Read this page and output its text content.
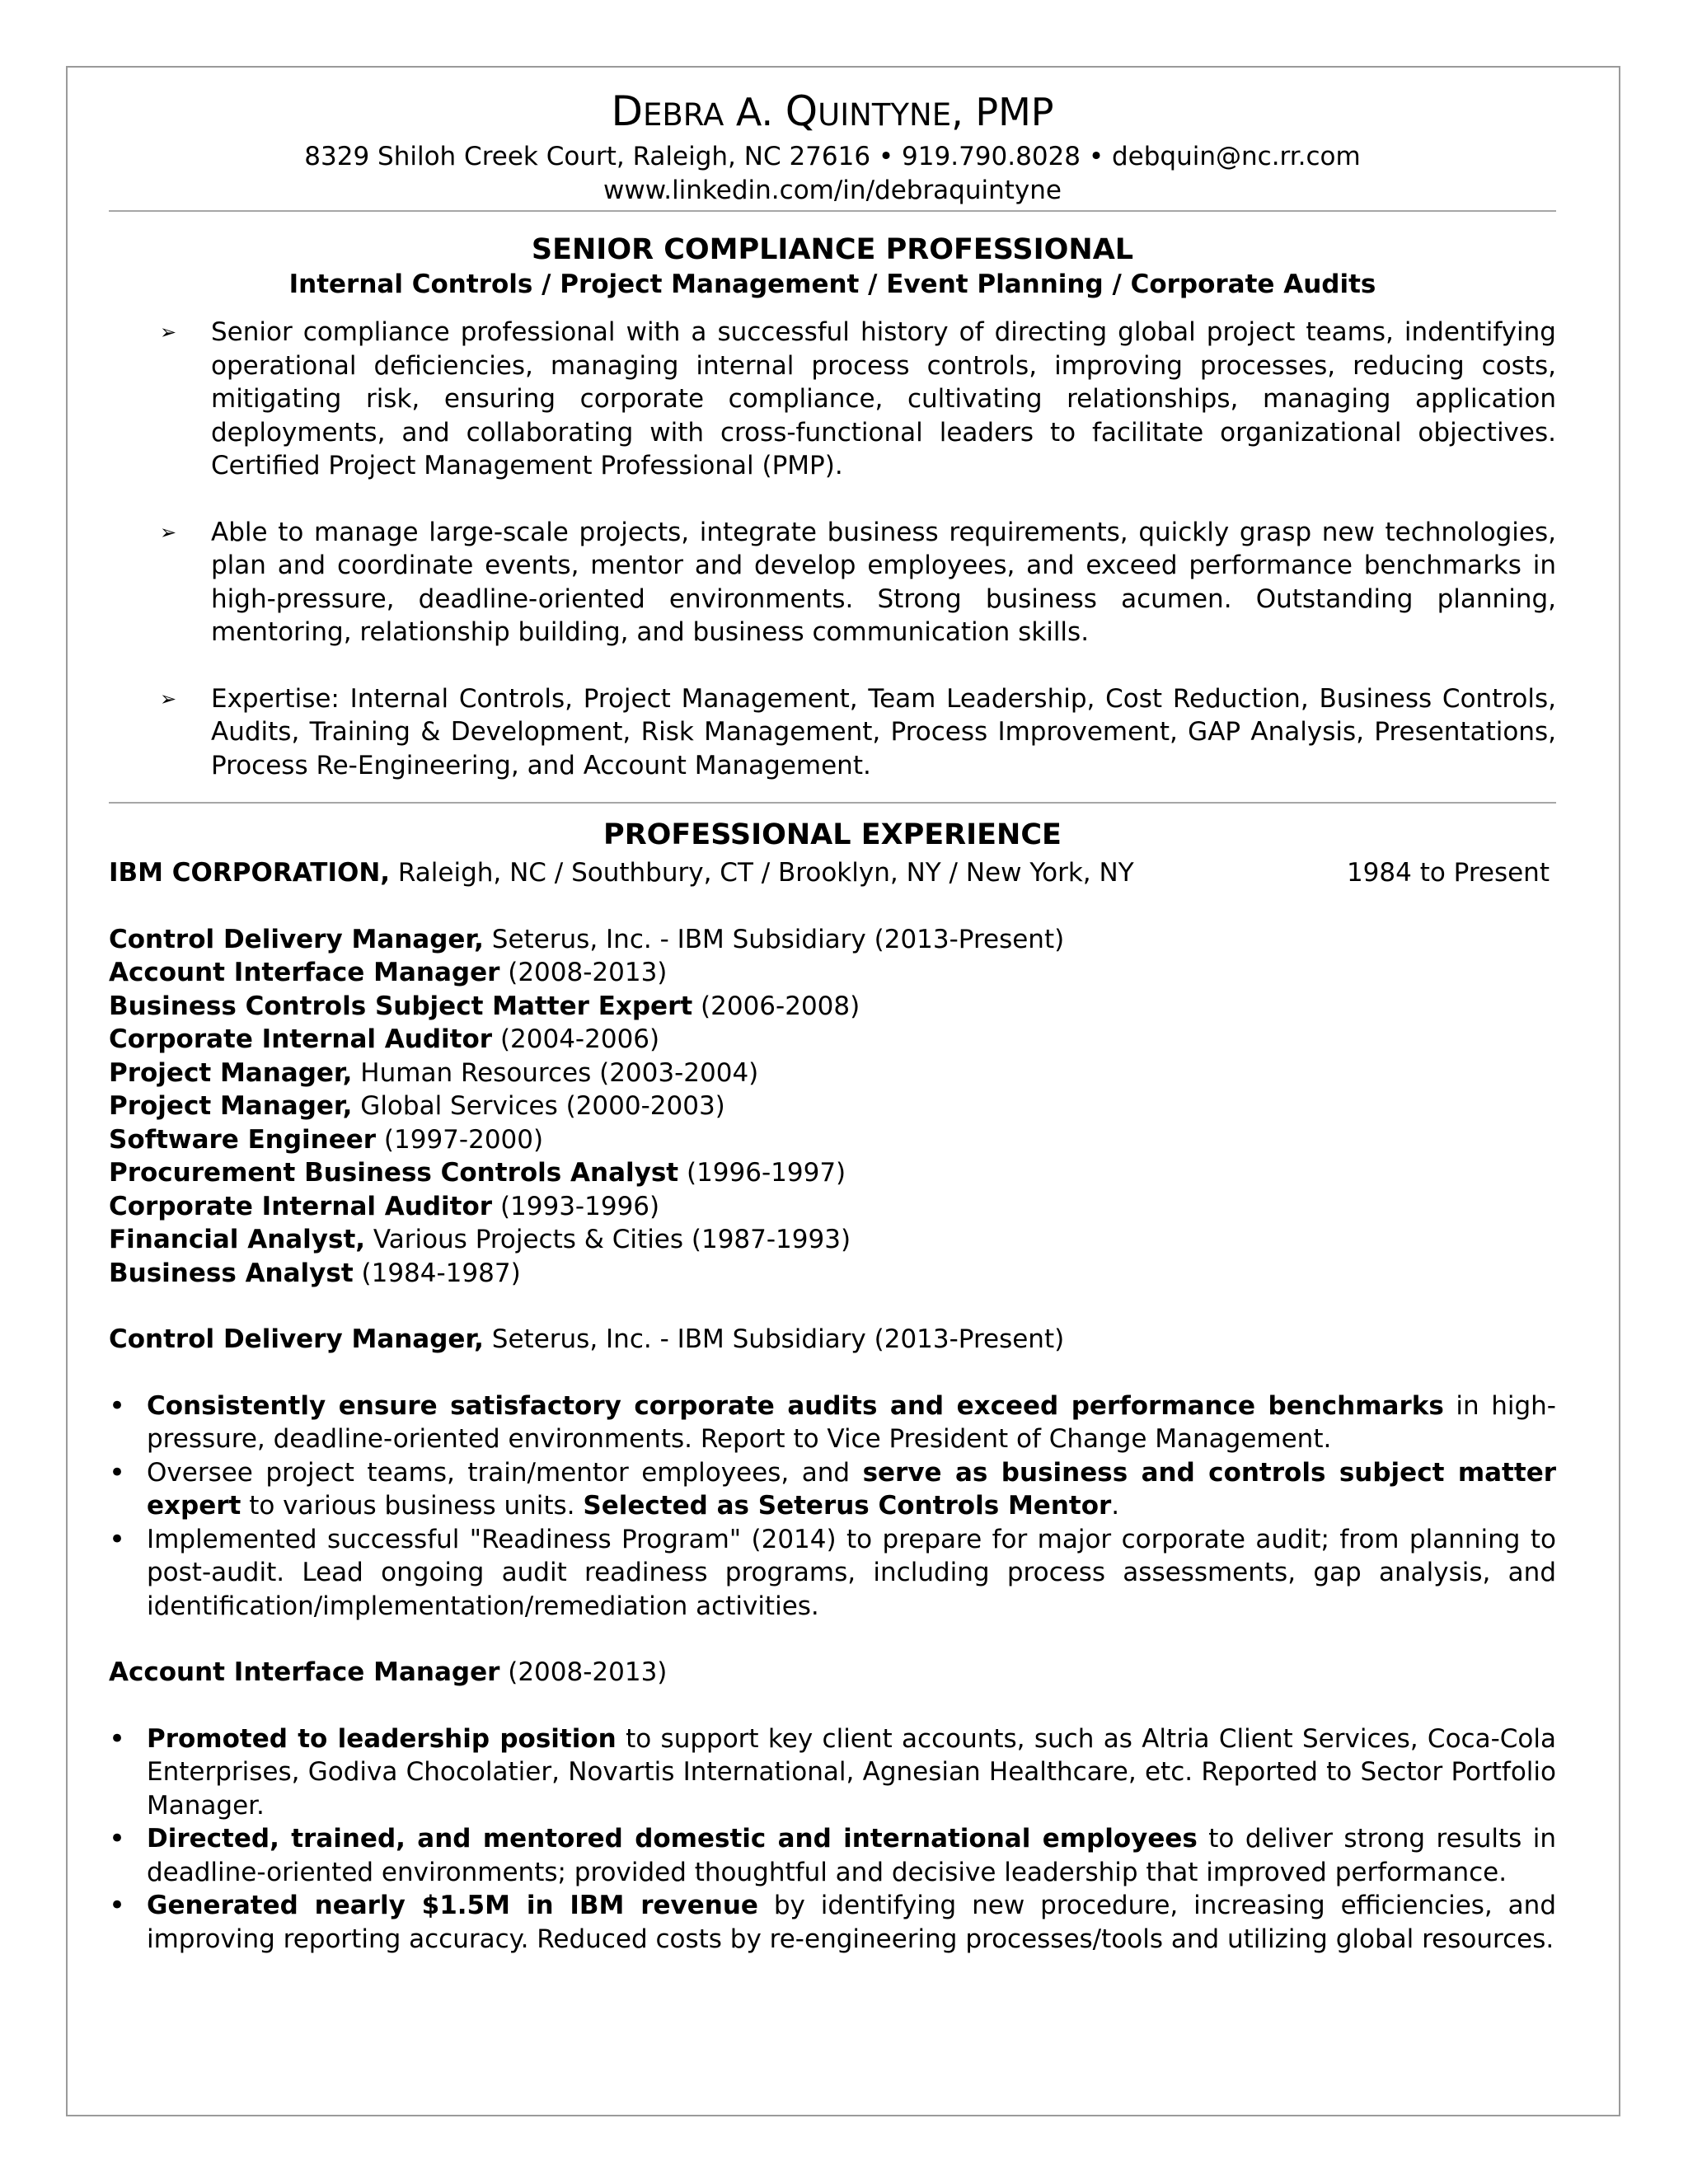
DEBRA A. QUINTYNE, PMP

8329 Shiloh Creek Court, Raleigh, NC 27616 • 919.790.8028 • debquin@nc.rr.com
www.linkedin.com/in/debraquintyne

SENIOR COMPLIANCE PROFESSIONAL

Internal Controls / Project Management / Event Planning / Corporate Audits

➢ Senior compliance professional with a successful history of directing global project teams, indentifying operational deficiencies, managing internal process controls, improving processes, reducing costs, mitigating risk, ensuring corporate compliance, cultivating relationships, managing application deployments, and collaborating with cross-functional leaders to facilitate organizational objectives. Certified Project Management Professional (PMP).
➢ Able to manage large-scale projects, integrate business requirements, quickly grasp new technologies, plan and coordinate events, mentor and develop employees, and exceed performance benchmarks in high-pressure, deadline-oriented environments. Strong business acumen. Outstanding planning, mentoring, relationship building, and business communication skills.
➢ Expertise: Internal Controls, Project Management, Team Leadership, Cost Reduction, Business Controls, Audits, Training & Development, Risk Management, Process Improvement, GAP Analysis, Presentations, Process Re-Engineering, and Account Management.

PROFESSIONAL EXPERIENCE

IBM CORPORATION, Raleigh, NC / Southbury, CT / Brooklyn, NY / New York, NY	1984 to Present

Control Delivery Manager, Seterus, Inc. - IBM Subsidiary (2013-Present)

Account Interface Manager (2008-2013)

Business Controls Subject Matter Expert (2006-2008)

Corporate Internal Auditor (2004-2006)

Project Manager, Human Resources (2003-2004)

Project Manager, Global Services (2000-2003)

Software Engineer (1997-2000)

Procurement Business Controls Analyst (1996-1997)

Corporate Internal Auditor (1993-1996)

Financial Analyst, Various Projects & Cities (1987-1993)

Business Analyst (1984-1987)

Control Delivery Manager, Seterus, Inc. - IBM Subsidiary (2013-Present)

• Consistently ensure satisfactory corporate audits and exceed performance benchmarks in high-pressure, deadline-oriented environments. Report to Vice President of Change Management.
• Oversee project teams, train/mentor employees, and serve as business and controls subject matter expert to various business units. Selected as Seterus Controls Mentor.
• Implemented successful "Readiness Program" (2014) to prepare for major corporate audit; from planning to post-audit. Lead ongoing audit readiness programs, including process assessments, gap analysis, and identification/implementation/remediation activities.

Account Interface Manager (2008-2013)

• Promoted to leadership position to support key client accounts, such as Altria Client Services, Coca-Cola Enterprises, Godiva Chocolatier, Novartis International, Agnesian Healthcare, etc. Reported to Sector Portfolio Manager.
• Directed, trained, and mentored domestic and international employees to deliver strong results in deadline-oriented environments; provided thoughtful and decisive leadership that improved performance.
• Generated nearly $1.5M in IBM revenue by identifying new procedure, increasing efficiencies, and improving reporting accuracy. Reduced costs by re-engineering processes/tools and utilizing global resources.
